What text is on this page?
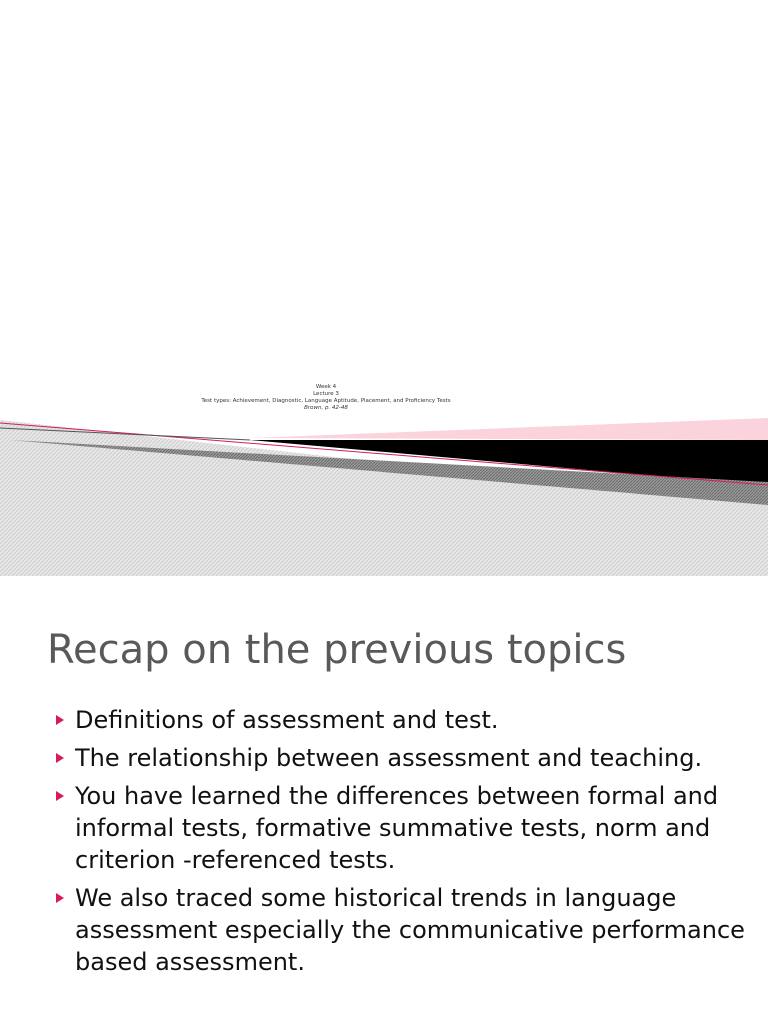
Week 4
Lecture 3
Test types: Achievement, Diagnostic, Language Aptitude, Placement, and Proficiency Tests
Brown, p. 42-48
Recap on the previous topics
Definitions of assessment and test.
The relationship between assessment and teaching.
You have learned the differences between formal and informal tests, formative summative tests, norm and criterion -referenced tests.
We also traced some historical trends in language assessment especially the communicative performance based assessment.
